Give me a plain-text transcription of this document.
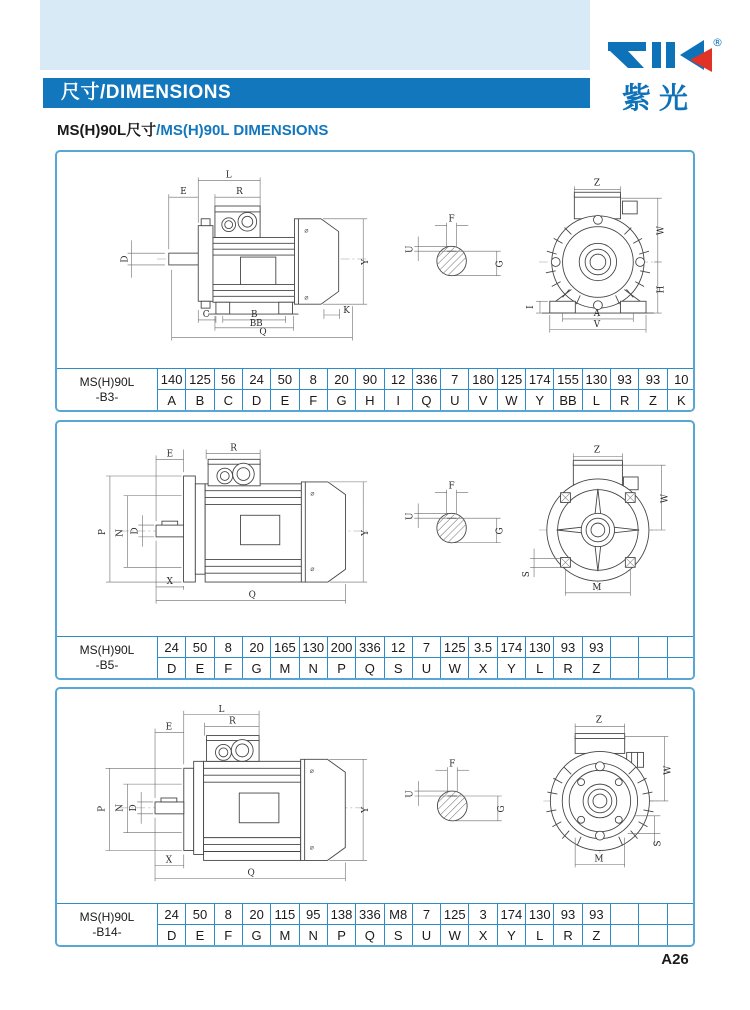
尺寸/DIMENSIONS
®
紫光
MS(H)90L尺寸/MS(H)90L DIMENSIONS
⌀
⌀
E
L
R
D	Y
C	B	K
BB
Q
F
U
G
Z
W
H
A
V
I
MS(H)90L
-B3-	140	125	56	24	50	8	20	90	12	336	7	180	125	174	155	130	93	93	10
	A	B	C	D	E	F	G	H	I	Q	U	V	W	Y	BB	L	R	Z	K
⌀
⌀
E
R
P N D	Y
X
Q
F
U
G
Z
W
S
M
MS(H)90L
-B5-	24	50	8	20	165	130	200	336	12	7	125	3.5	174	130	93	93			
	D	E	F	G	M	N	P	Q	S	U	W	X	Y	L	R	Z			
⌀
⌀
L
E
R
P N D	Y
X
Q
F
U
G
Z
W
S
M
MS(H)90L
-B14-	24	50	8	20	115	95	138	336	M8	7	125	3	174	130	93	93			
	D	E	F	G	M	N	P	Q	S	U	W	X	Y	L	R	Z			
A26
